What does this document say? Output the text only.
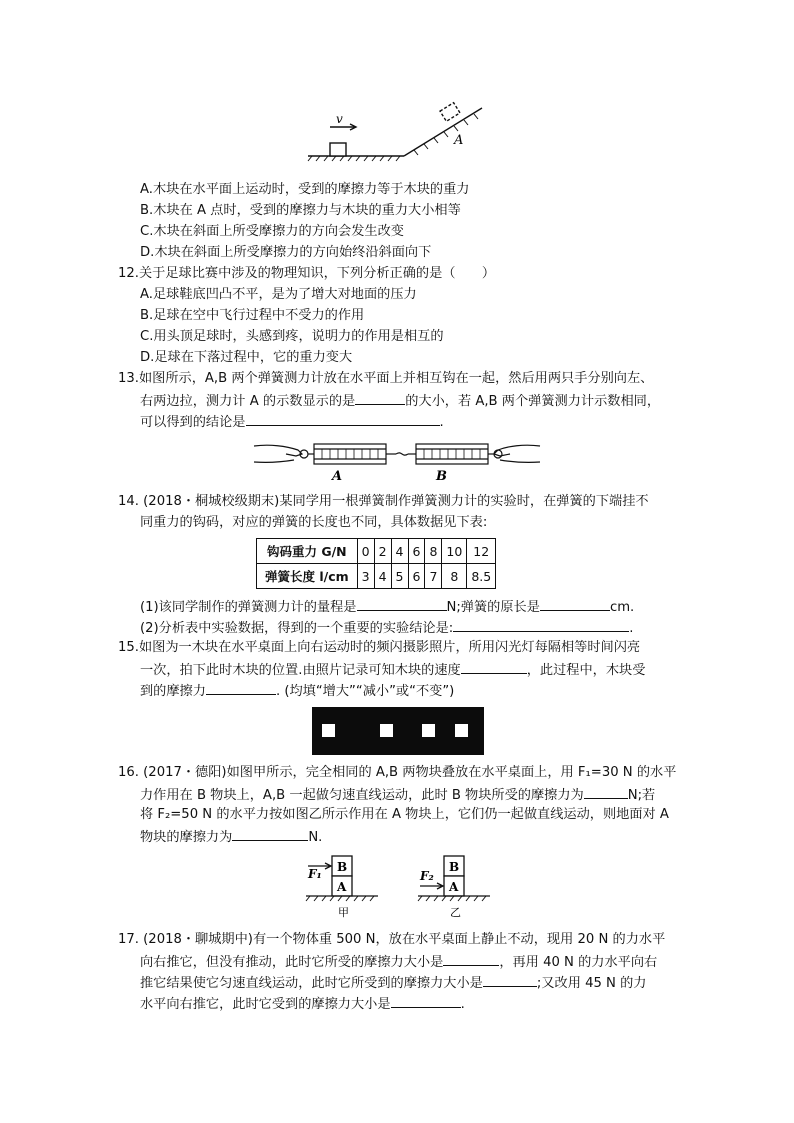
v
A
A.木块在水平面上运动时，受到的摩擦力等于木块的重力
B.木块在 A 点时，受到的摩擦力与木块的重力大小相等
C.木块在斜面上所受摩擦力的方向会发生改变
D.木块在斜面上所受摩擦力的方向始终沿斜面向下
12.关于足球比赛中涉及的物理知识，下列分析正确的是（　　）
A.足球鞋底凹凸不平，是为了增大对地面的压力
B.足球在空中飞行过程中不受力的作用
C.用头顶足球时，头感到疼，说明力的作用是相互的
D.足球在下落过程中，它的重力变大
13.如图所示，A,B 两个弹簧测力计放在水平面上并相互钩在一起，然后用两只手分别向左、
右两边拉，测力计 A 的示数显示的是	的大小，若 A,B 两个弹簧测力计示数相同，
可以得到的结论是	.
A	B
14. (2018・桐城校级期末)某同学用一根弹簧制作弹簧测力计的实验时，在弹簧的下端挂不
同重力的钩码，对应的弹簧的长度也不同，具体数据见下表:
钩码重力 G/N	0	2	4	6	8	10	12
弹簧长度 l/cm	3	4	5	6	7	8	8.5
(1)该同学制作的弹簧测力计的量程是	N;弹簧的原长是	cm.
(2)分析表中实验数据，得到的一个重要的实验结论是:	.
15.如图为一木块在水平桌面上向右运动时的频闪摄影照片，所用闪光灯每隔相等时间闪亮
一次，拍下此时木块的位置.由照片记录可知木块的速度	，此过程中，木块受
到的摩擦力	. (均填“增大”“减小”或“不变”)
16. (2017・德阳)如图甲所示，完全相同的 A,B 两物块叠放在水平桌面上，用 F₁=30 N 的水平
力作用在 B 物块上，A,B 一起做匀速直线运动，此时 B 物块所受的摩擦力为	N;若
将 F₂=50 N 的水平力按如图乙所示作用在 A 物块上，它们仍一起做直线运动，则地面对 A
物块的摩擦力为	N.
F₁	F₂
B
A
B
A
甲	乙
17. (2018・聊城期中)有一个物体重 500 N，放在水平桌面上静止不动，现用 20 N 的力水平
向右推它，但没有推动，此时它所受的摩擦力大小是	，再用 40 N 的力水平向右
推它结果使它匀速直线运动，此时它所受到的摩擦力大小是	;又改用 45 N 的力
水平向右推它，此时它受到的摩擦力大小是	.
